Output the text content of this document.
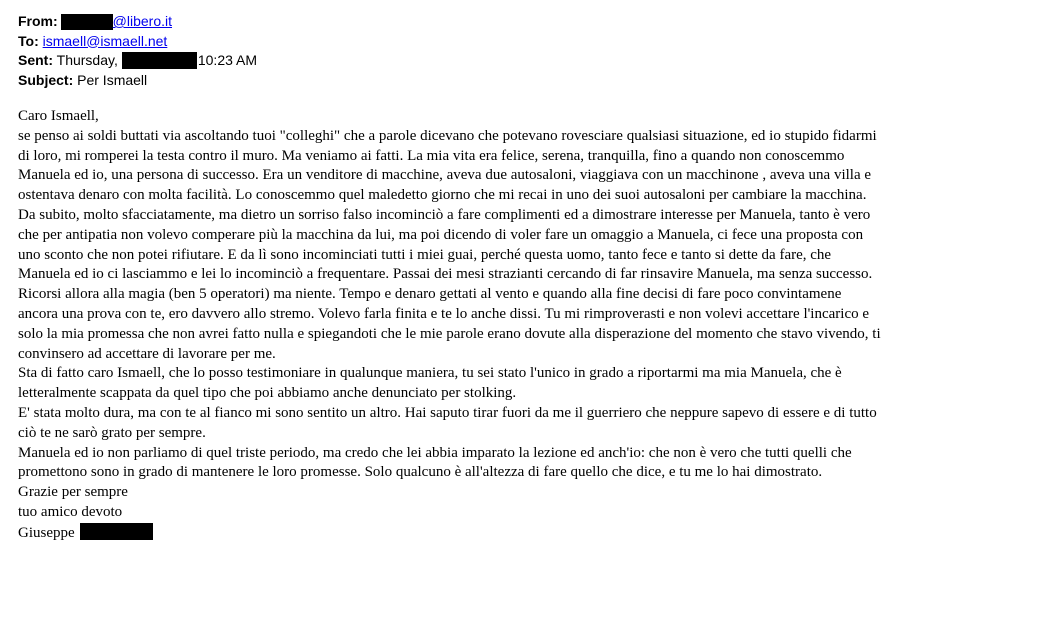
From:	@libero.it
To: ismaell@ismaell.net
Sent: Thursday,	10:23 AM
Subject: Per Ismaell

Caro Ismaell,

se penso ai soldi buttati via ascoltando tuoi "colleghi" che a parole dicevano che potevano rovesciare qualsiasi situazione, ed io stupido fidarmi

di loro, mi romperei la testa contro il muro. Ma veniamo ai fatti. La mia vita era felice, serena, tranquilla, fino a quando non conoscemmo

Manuela ed io, una persona di successo. Era un venditore di macchine, aveva due autosaloni, viaggiava con un macchinone , aveva una villa e

ostentava denaro con molta facilità. Lo conoscemmo quel maledetto giorno che mi recai in uno dei suoi autosaloni per cambiare la macchina.

Da subito, molto sfacciatamente, ma dietro un sorriso falso incominciò a fare complimenti ed a dimostrare interesse per Manuela, tanto è vero

che per antipatia non volevo comperare più la macchina da lui, ma poi dicendo di voler fare un omaggio a Manuela, ci fece una proposta con

uno sconto che non potei rifiutare. E da lì sono incominciati tutti i miei guai, perché questa uomo, tanto fece e tanto si dette da fare, che

Manuela ed io ci lasciammo e lei lo incominciò a frequentare. Passai dei mesi strazianti cercando di far rinsavire Manuela, ma senza successo.

Ricorsi allora alla magia (ben 5 operatori) ma niente. Tempo e denaro gettati al vento e quando alla fine decisi di fare poco convintamene

ancora una prova con te, ero davvero allo stremo. Volevo farla finita e te lo anche dissi. Tu mi rimproverasti e non volevi accettare l'incarico e

solo la mia promessa che non avrei fatto nulla e spiegandoti che le mie parole erano dovute alla disperazione del momento che stavo vivendo, ti

convinsero ad accettare di lavorare per me.

Sta di fatto caro Ismaell, che lo posso testimoniare in qualunque maniera, tu sei stato l'unico in grado a riportarmi ma mia Manuela, che è

letteralmente scappata da quel tipo che poi abbiamo anche denunciato per stolking.

E' stata molto dura, ma con te al fianco mi sono sentito un altro. Hai saputo tirar fuori da me il guerriero che neppure sapevo di essere e di tutto

ciò te ne sarò grato per sempre.

Manuela ed io non parliamo di quel triste periodo, ma credo che lei abbia imparato la lezione ed anch'io: che non è vero che tutti quelli che

promettono sono in grado di mantenere le loro promesse. Solo qualcuno è all'altezza di fare quello che dice, e tu me lo hai dimostrato.

Grazie per sempre

tuo amico devoto

Giuseppe
